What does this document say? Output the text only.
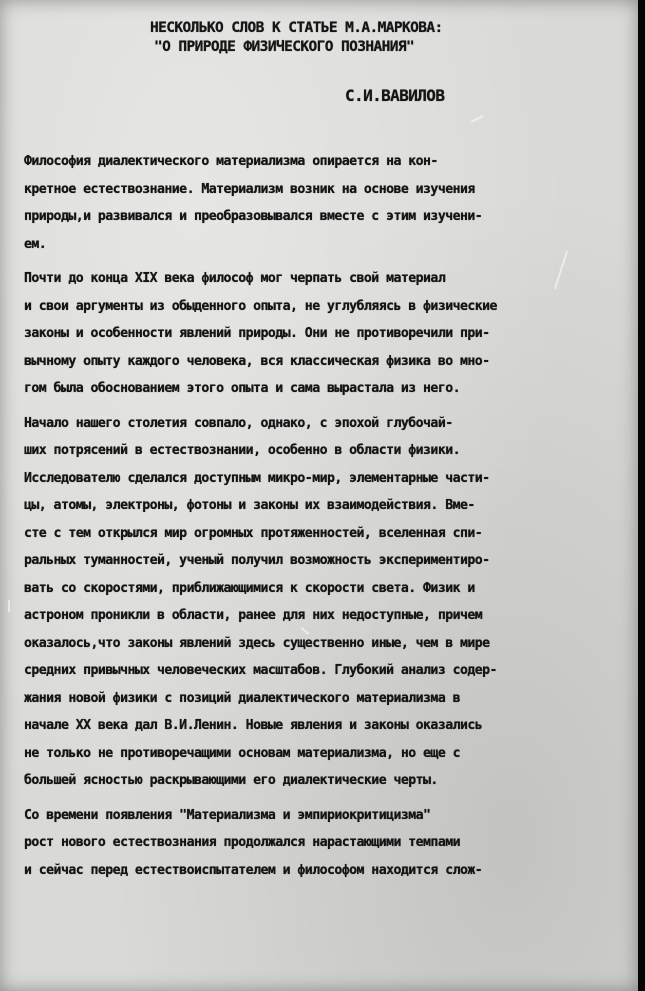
НЕСКОЛЬКО СЛОВ К СТАТЬЕ М.А.МАРКОВА:

"О ПРИРОДЕ ФИЗИЧЕСКОГО ПОЗНАНИЯ"

С.И.ВАВИЛОВ

Философия диалектического материализма опирается на кон-
кретное естествознание. Материализм возник на основе изучения
природы,и развивался и преобразовывался вместе с этим изучени-
ем.
Почти до конца XIX века философ мог черпать свой материал
и свои аргументы из обыденного опыта, не углубляясь в физические
законы и особенности явлений природы. Они не противоречили при-
вычному опыту каждого человека, вся классическая физика во мно-
гом была обоснованием этого опыта и сама вырастала из него.
Начало нашего столетия совпало, однако, с эпохой глубочай-
ших потрясений в естествознании, особенно в области физики.
Исследователю сделался доступным микро-мир, элементарные части-
цы, атомы, электроны, фотоны и законы их взаимодействия. Вме-
сте с тем открылся мир огромных протяженностей, вселенная спи-
ральных туманностей, ученый получил возможность экспериментиро-
вать со скоростями, приближающимися к скорости света. Физик и
астроном проникли в области, ранее для них недоступные, причем
оказалось,что законы явлений здесь существенно иные, чем в мире
средних привычных человеческих масштабов. Глубокий анализ содер-
жания новой физики с позиций диалектического материализма в
начале XX века дал В.И.Ленин. Новые явления и законы оказались
не только не противоречащими основам материализма, но еще с
большей ясностью раскрывающими его диалектические черты.
Со времени появления "Материализма и эмпириокритицизма"
рост нового естествознания продолжался нарастающими темпами
и сейчас перед естествоиспытателем и философом находится слож-
